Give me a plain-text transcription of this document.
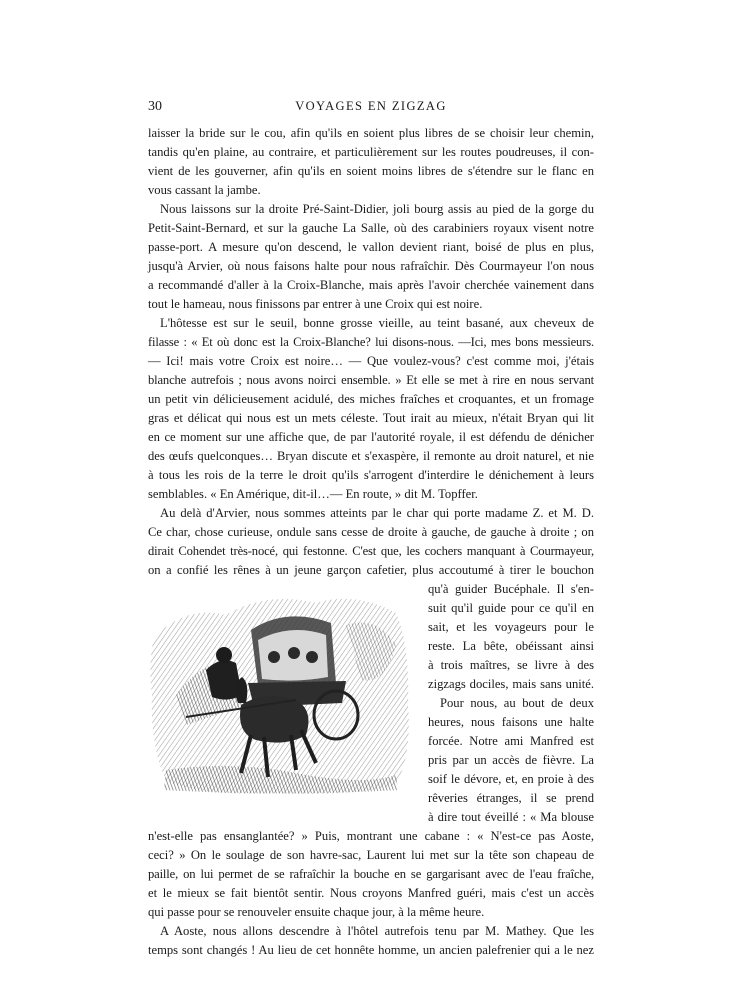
30	VOYAGES EN ZIGZAG
laisser la bride sur le cou, afin qu'ils en soient plus libres de se choisir leur chemin,
tandis qu'en plaine, au contraire, et particulièrement sur les routes poudreuses, il con-
vient de les gouverner, afin qu'ils en soient moins libres de s'étendre sur le flanc en
vous cassant la jambe.
Nous laissons sur la droite Pré-Saint-Didier, joli bourg assis au pied de la gorge du
Petit-Saint-Bernard, et sur la gauche La Salle, où des carabiniers royaux visent notre
passe-port. A mesure qu'on descend, le vallon devient riant, boisé de plus en plus,
jusqu'à Arvier, où nous faisons halte pour nous rafraîchir. Dès Courmayeur l'on nous
a recommandé d'aller à la Croix-Blanche, mais après l'avoir cherchée vainement dans
tout le hameau, nous finissons par entrer à une Croix qui est noire.
L'hôtesse est sur le seuil, bonne grosse vieille, au teint basané, aux cheveux de
filasse : « Et où donc est la Croix-Blanche? lui disons-nous. —Ici, mes bons messieurs.
— Ici! mais votre Croix est noire… — Que voulez-vous? c'est comme moi, j'étais
blanche autrefois ; nous avons noirci ensemble. » Et elle se met à rire en nous servant
un petit vin délicieusement acidulé, des miches fraîches et croquantes, et un fromage
gras et délicat qui nous est un mets céleste. Tout irait au mieux, n'était Bryan qui lit
en ce moment sur une affiche que, de par l'autorité royale, il est défendu de dénicher
des œufs quelconques… Bryan discute et s'exaspère, il remonte au droit naturel, et nie
à tous les rois de la terre le droit qu'ils s'arrogent d'interdire le dénichement à leurs
semblables. « En Amérique, dit-il…— En route, » dit M. Topffer.
Au delà d'Arvier, nous sommes atteints par le char qui porte madame Z. et M. D.
Ce char, chose curieuse, ondule sans cesse de droite à gauche, de gauche à droite ; on
dirait Cohendet très-nocé, qui festonne. C'est que, les cochers manquant à Courmayeur,
on a confié les rênes à un jeune garçon cafetier, plus accoutumé à tirer le bouchon
qu'à guider Bucéphale. Il s'en-
suit qu'il guide pour ce qu'il en
sait, et les voyageurs pour le
reste. La bête, obéissant ainsi
à trois maîtres, se livre à des
zigzags dociles, mais sans unité.
Pour nous, au bout de deux
heures, nous faisons une halte
forcée. Notre ami Manfred est
pris par un accès de fièvre. La
soif le dévore, et, en proie à des
rêveries étranges, il se prend
à dire tout éveillé : « Ma blouse
n'est-elle pas ensanglantée? » Puis, montrant une cabane : « N'est-ce pas Aoste,
ceci? » On le soulage de son havre-sac, Laurent lui met sur la tête son chapeau de
paille, on lui permet de se rafraîchir la bouche en se gargarisant avec de l'eau fraîche,
et le mieux se fait bientôt sentir. Nous croyons Manfred guéri, mais c'est un accès
qui passe pour se renouveler ensuite chaque jour, à la même heure.
A Aoste, nous allons descendre à l'hôtel autrefois tenu par M. Mathey. Que les
temps sont changés ! Au lieu de cet honnête homme, un ancien palefrenier qui a le nez
